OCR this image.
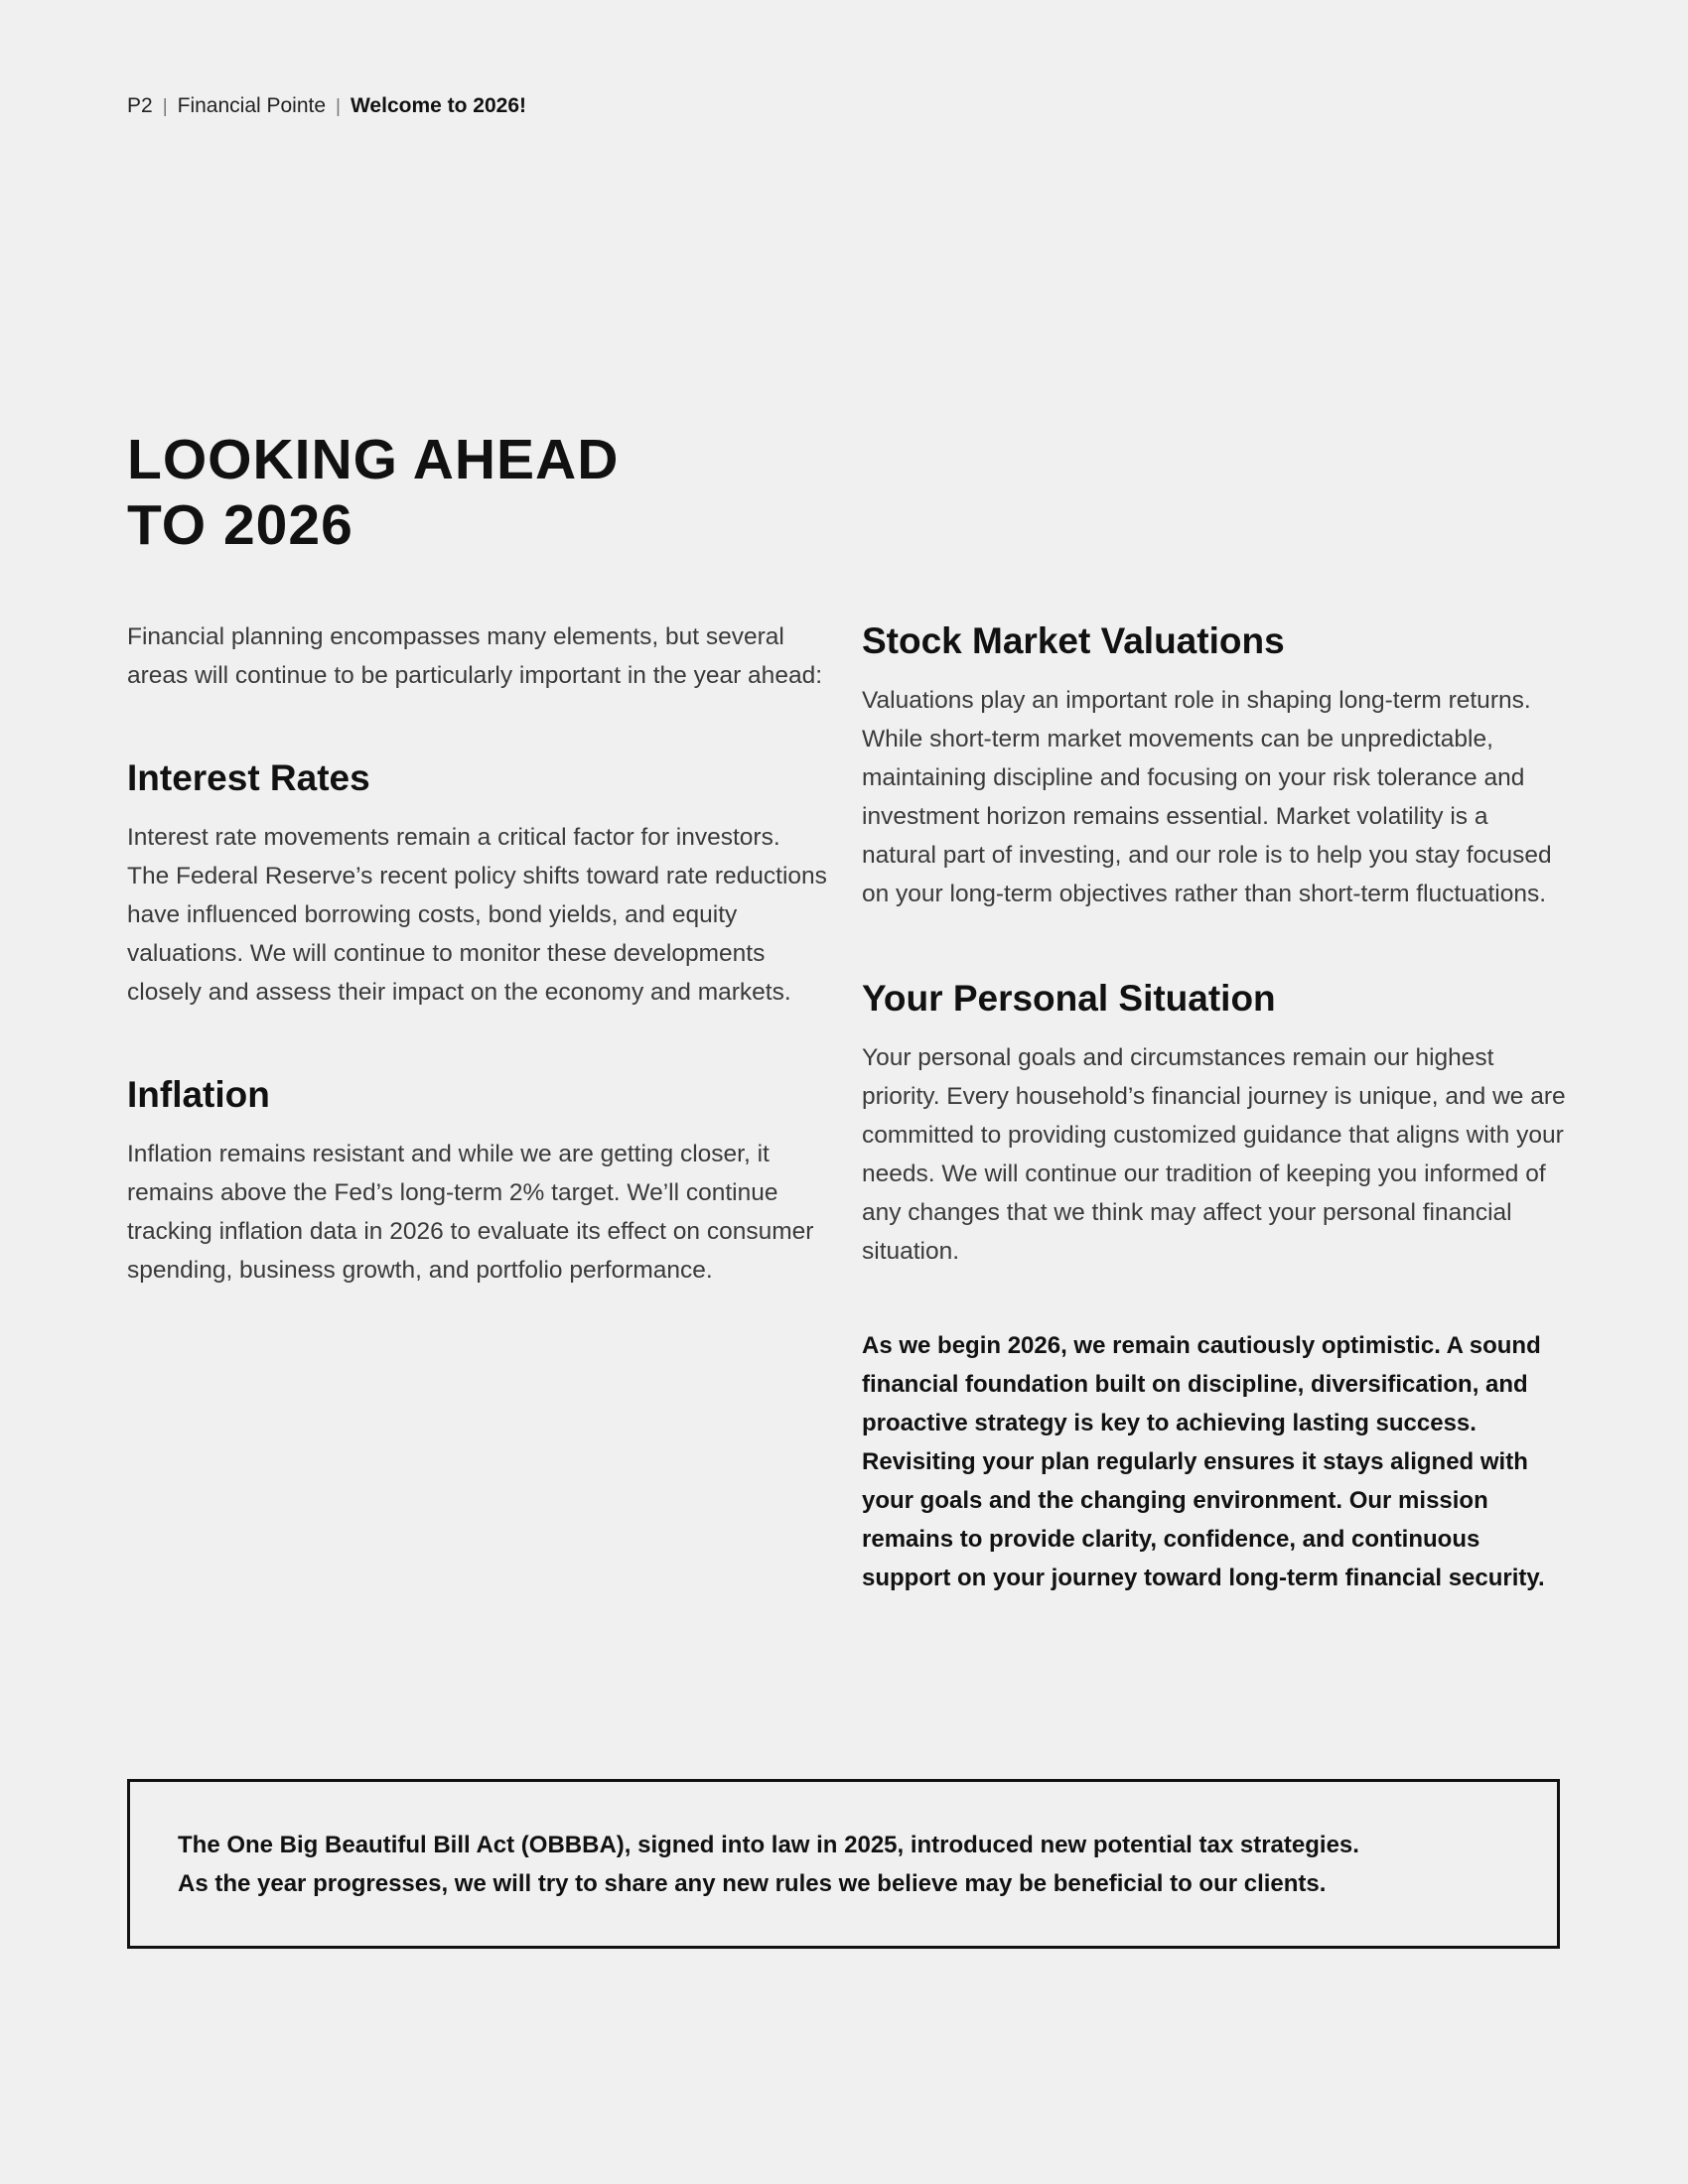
P2 | Financial Pointe | Welcome to 2026!
LOOKING AHEAD
TO 2026

Financial planning encompasses many elements, but several areas will continue to be particularly important in the year ahead:

Interest Rates

Interest rate movements remain a critical factor for investors. The Federal Reserve’s recent policy shifts toward rate reductions have influenced borrowing costs, bond yields, and equity valuations. We will continue to monitor these developments closely and assess their impact on the economy and markets.

Inflation

Inflation remains resistant and while we are getting closer, it remains above the Fed’s long-term 2% target. We’ll continue tracking inflation data in 2026 to evaluate its effect on consumer spending, business growth, and portfolio performance.

Stock Market Valuations

Valuations play an important role in shaping long-term returns. While short-term market movements can be unpredictable, maintaining discipline and focusing on your risk tolerance and investment horizon remains essential. Market volatility is a natural part of investing, and our role is to help you stay focused on your long-term objectives rather than short-term fluctuations.

Your Personal Situation

Your personal goals and circumstances remain our highest priority. Every household’s financial journey is unique, and we are committed to providing customized guidance that aligns with your needs. We will continue our tradition of keeping you informed of any changes that we think may affect your personal financial situation.

As we begin 2026, we remain cautiously optimistic. A sound financial foundation built on discipline, diversification, and proactive strategy is key to achieving lasting success. Revisiting your plan regularly ensures it stays aligned with your goals and the changing environment. Our mission remains to provide clarity, confidence, and continuous support on your journey toward long-term financial security.

The One Big Beautiful Bill Act (OBBBA), signed into law in 2025, introduced new potential tax strategies.
As the year progresses, we will try to share any new rules we believe may be beneficial to our clients.
